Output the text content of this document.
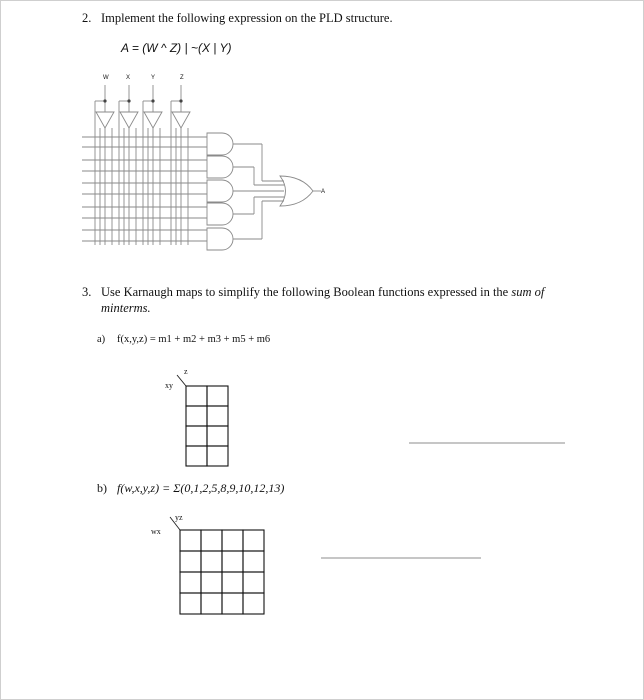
2. Implement the following expression on the PLD structure.
A = (W ^ Z) | ~(X | Y)
W	X	Y	Z
A
3. Use Karnaugh maps to simplify the following Boolean functions expressed in the sum of
minterms.
a) f(x,y,z) = m1 + m2 + m3 + m5 + m6
xy
z
b) f(w,x,y,z) = Σ(0,1,2,5,8,9,10,12,13)
wx
yz
